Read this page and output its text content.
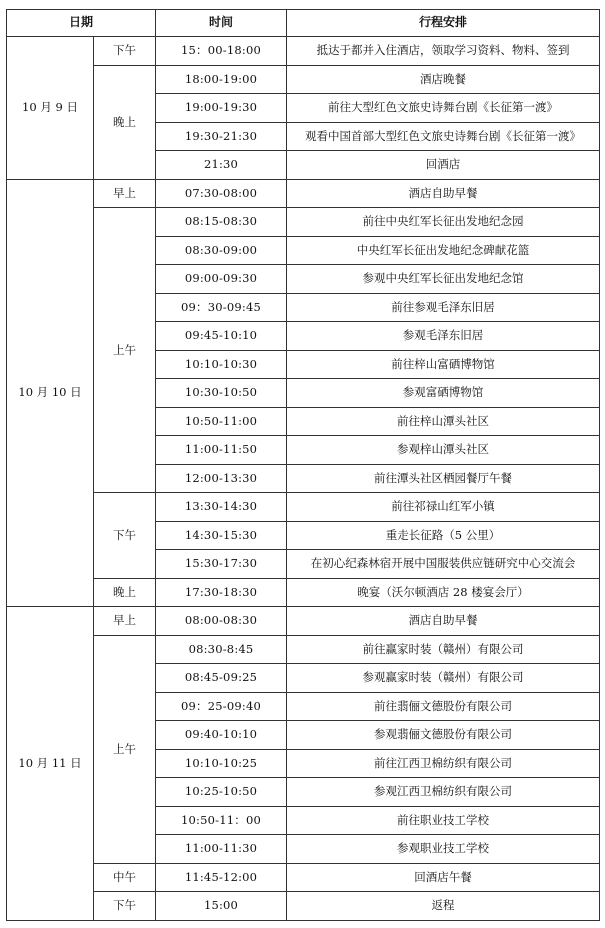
日期		时间	行程安排
10 月 9 日	下午	15：00-18:00	抵达于都并入住酒店，领取学习资料、物料、签到
	晚上	18:00-19:00	酒店晚餐
		19:00-19:30	前往大型红色文旅史诗舞台剧《长征第一渡》
		19:30-21:30	观看中国首部大型红色文旅史诗舞台剧《长征第一渡》
		21:30	回酒店
10 月 10 日	早上	07:30-08:00	酒店自助早餐
	上午	08:15-08:30	前往中央红军长征出发地纪念园
		08:30-09:00	中央红军长征出发地纪念碑献花篮
		09:00-09:30	参观中央红军长征出发地纪念馆
		09：30-09:45	前往参观毛泽东旧居
		09:45-10:10	参观毛泽东旧居
		10:10-10:30	前往梓山富硒博物馆
		10:30-10:50	参观富硒博物馆
		10:50-11:00	前往梓山潭头社区
		11:00-11:50	参观梓山潭头社区
		12:00-13:30	前往潭头社区栖园餐厅午餐
	下午	13:30-14:30	前往祁禄山红军小镇
		14:30-15:30	重走长征路（5 公里）
		15:30-17:30	在初心纪森林宿开展中国服装供应链研究中心交流会
	晚上	17:30-18:30	晚宴（沃尔顿酒店 28 楼宴会厅）
10 月 11 日	早上	08:00-08:30	酒店自助早餐
	上午	08:30-8:45	前往赢家时装（赣州）有限公司
		08:45-09:25	参观赢家时装（赣州）有限公司
		09：25-09:40	前往翡俪文德股份有限公司
		09:40-10:10	参观翡俪文德股份有限公司
		10:10-10:25	前往江西卫棉纺织有限公司
		10:25-10:50	参观江西卫棉纺织有限公司
		10:50-11：00	前往职业技工学校
		11:00-11:30	参观职业技工学校
	中午	11:45-12:00	回酒店午餐
	下午	15:00	返程
